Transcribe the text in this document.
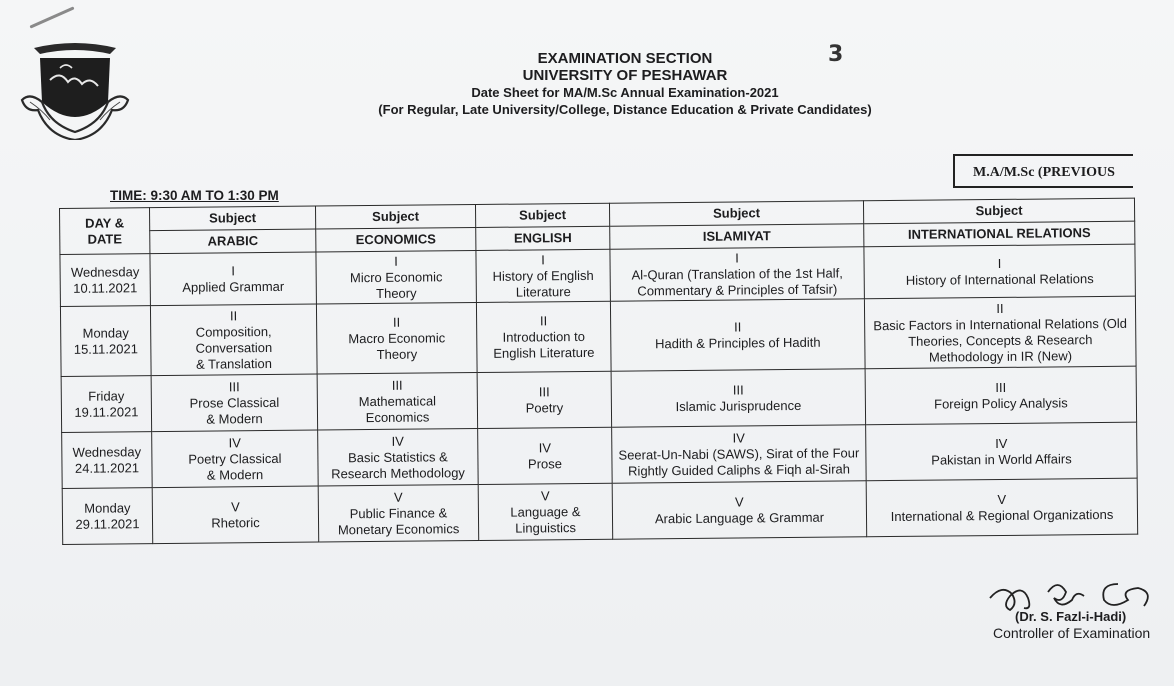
3
EXAMINATION SECTION
UNIVERSITY OF PESHAWAR
Date Sheet for MA/M.Sc Annual Examination-2021
(For Regular, Late University/College, Distance Education & Private Candidates)
M.A/M.Sc (PREVIOUS
TIME: 9:30 AM TO 1:30 PM
DAY &
DATE	Subject	Subject	Subject	Subject	Subject
	ARABIC	ECONOMICS	ENGLISH	ISLAMIYAT	INTERNATIONAL RELATIONS

Wednesday
10.11.2021	I
Applied Grammar	I
Micro Economic
Theory	I
History of English
Literature	I
Al-Quran (Translation of the 1st Half,
Commentary & Principles of Tafsir)	I
History of International Relations

Monday
15.11.2021	II
Composition,
Conversation
& Translation	II
Macro Economic
Theory	II
Introduction to
English Literature	II
Hadith & Principles of Hadith	II
Basic Factors in International Relations (Old
Theories, Concepts & Research
Methodology in IR (New)

Friday
19.11.2021	III
Prose Classical
& Modern	III
Mathematical
Economics	III
Poetry	III
Islamic Jurisprudence	III
Foreign Policy Analysis

Wednesday
24.11.2021	IV
Poetry Classical
& Modern	IV
Basic Statistics &
Research Methodology	IV
Prose	IV
Seerat-Un-Nabi (SAWS), Sirat of the Four
Rightly Guided Caliphs & Fiqh al-Sirah	IV
Pakistan in World Affairs

Monday
29.11.2021	V
Rhetoric	V
Public Finance &
Monetary Economics	V
Language &
Linguistics	V
Arabic Language & Grammar	V
International & Regional Organizations
(Dr. S. Fazl-i-Hadi)
Controller of Examination
